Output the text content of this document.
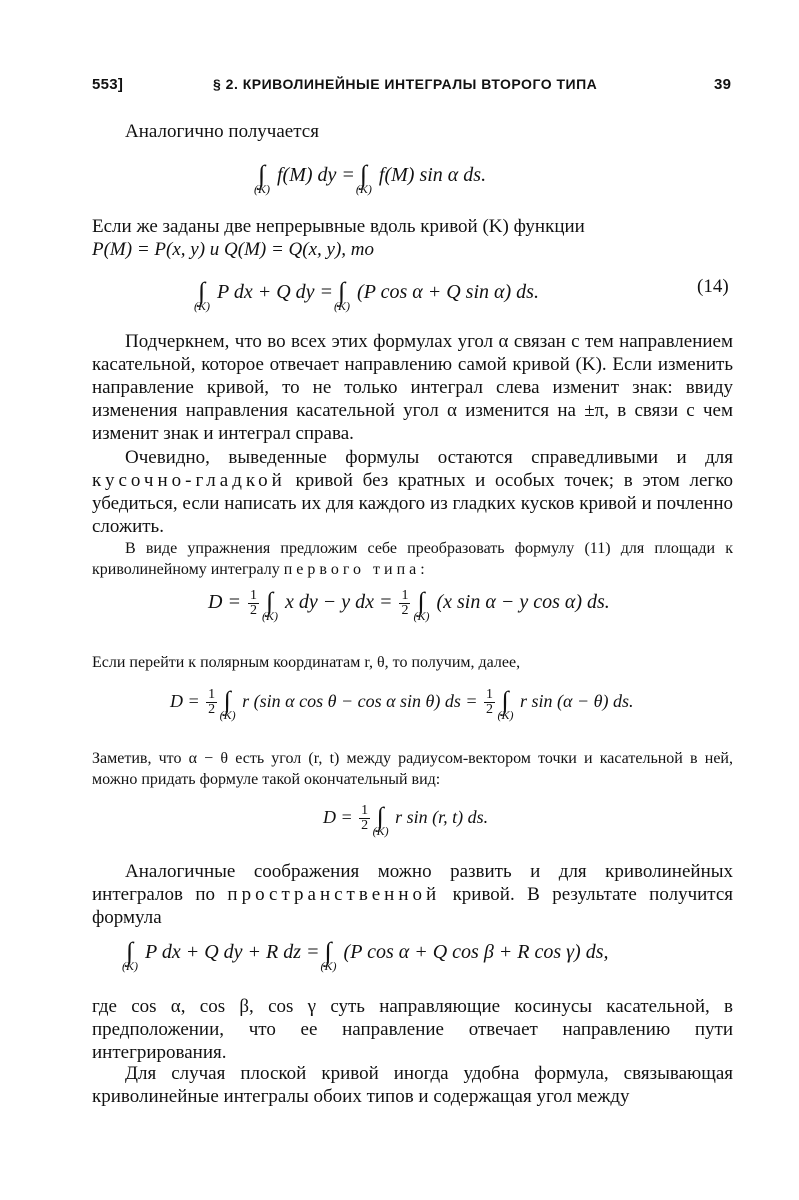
553]	§ 2. КРИВОЛИНЕЙНЫЕ ИНТЕГРАЛЫ ВТОРОГО ТИПА	39
Аналогично получается
∫
(K)
f(M) dy = ∫
(K)
f(M) sin α ds.
Если же заданы две непрерывные вдоль кривой (K) функции
P(M) = P(x, y) и Q(M) = Q(x, y), то
∫
(K)
P dx + Q dy = ∫
(K)
(P cos α + Q sin α) ds.	(14)
Подчеркнем, что во всех этих формулах угол α связан с тем направлением касательной, которое отвечает направлению самой кривой (K). Если изменить направление кривой, то не только интеграл слева изменит знак: ввиду изменения направления касательной угол α изменится на ±π, в связи с чем изменит знак и интеграл справа.
Очевидно, выведенные формулы остаются справедливыми и для кусочно-гладкой кривой без кратных и особых точек; в этом легко убедиться, если написать их для каждого из гладких кусков кривой и почленно сложить.
В виде упражнения предложим себе преобразовать формулу (11) для площади к криволинейному интегралу первого типа:
$D = \frac{1}{2}$ ∫
(K)
x dy − y dx = $\frac{1}{2}$ ∫
(K)
(x sin α − y cos α) ds.
Если перейти к полярным координатам r, θ, то получим, далее,
$D = \frac{1}{2}$ ∫
(K)
r (sin α cos θ − cos α sin θ) ds = $\frac{1}{2}$ ∫
(K)
r sin (α − θ) ds.
Заметив, что α − θ есть угол (r, t) между радиусом-вектором точки и касательной в ней, можно придать формуле такой окончательный вид:
$D = \frac{1}{2}$ ∫
(K)
r sin (r, t) ds.
Аналогичные соображения можно развить и для криволинейных интегралов по пространственной кривой. В результате получится формула
∫
(K)
P dx + Q dy + R dz = ∫
(K)
(P cos α + Q cos β + R cos γ) ds,
где cos α, cos β, cos γ суть направляющие косинусы касательной, в предположении, что ее направление отвечает направлению пути интегрирования.
Для случая плоской кривой иногда удобна формула, связывающая криволинейные интегралы обоих типов и содержащая угол между
